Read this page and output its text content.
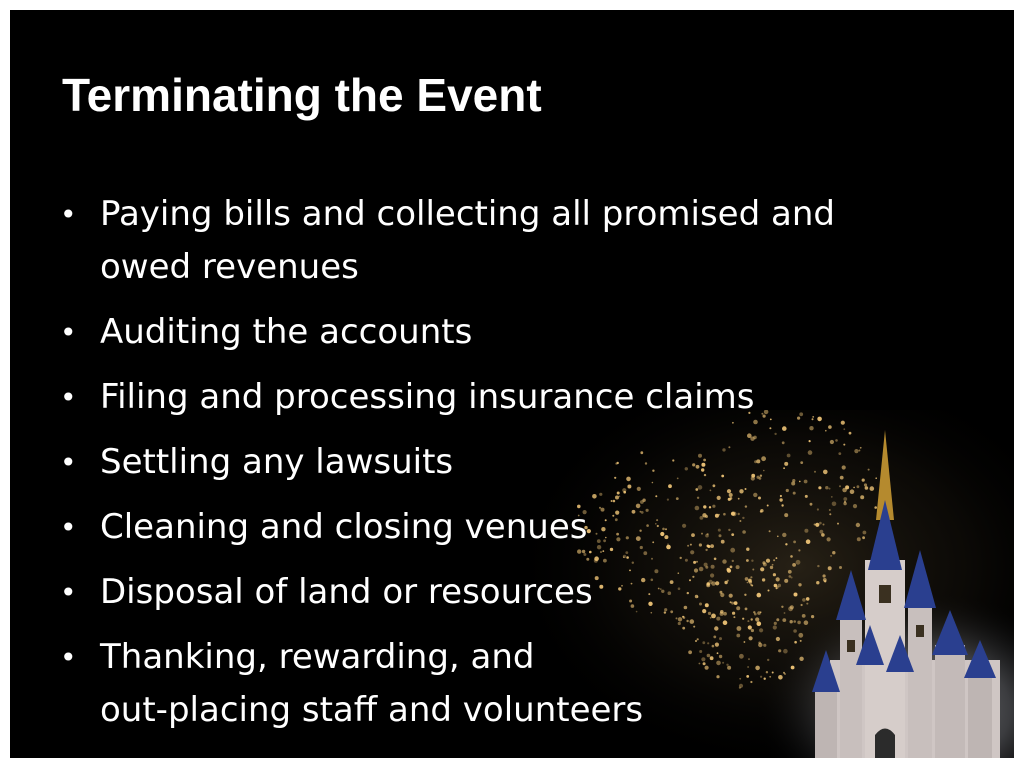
Terminating the Event
• Paying bills and collecting all promised and
owed revenues
• Auditing the accounts
• Filing and processing insurance claims
• Settling any lawsuits
• Cleaning and closing venues
• Disposal of land or resources
• Thanking, rewarding, and
out-placing staff and volunteers
